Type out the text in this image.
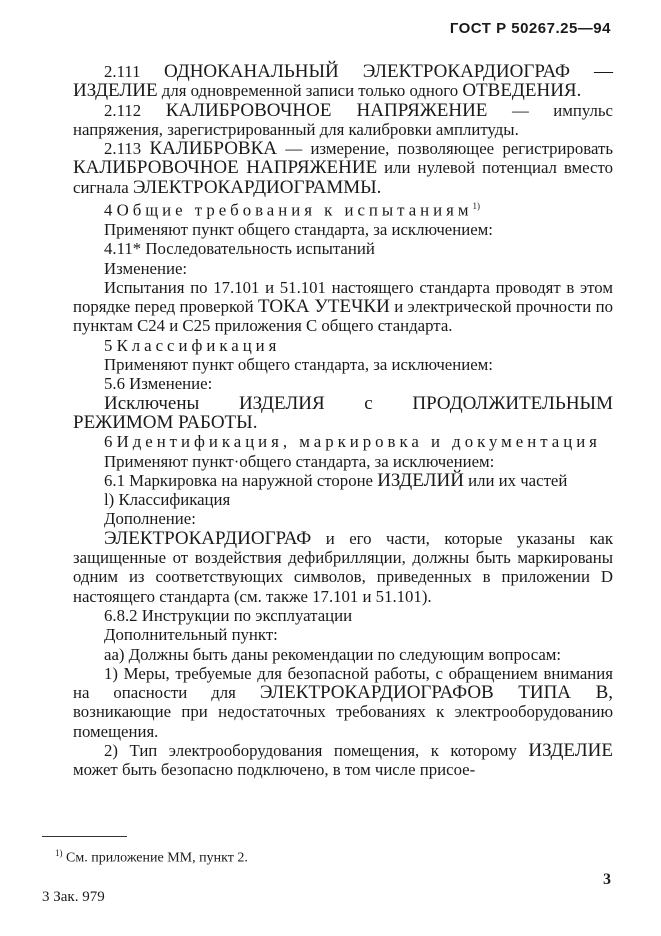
ГОСТ Р 50267.25—94

2.111 ОДНОКАНАЛЬНЫЙ ЭЛЕКТРОКАРДИОГРАФ — ИЗДЕЛИЕ для одновременной записи только одного ОТВЕДЕНИЯ.

2.112 КАЛИБРОВОЧНОЕ НАПРЯЖЕНИЕ — импульс напряжения, зарегистрированный для калибровки амплитуды.

2.113 КАЛИБРОВКА — измерение, позволяющее регистрировать КАЛИБРОВОЧНОЕ НАПРЯЖЕНИЕ или нулевой потенциал вместо сигнала ЭЛЕКТРОКАРДИОГРАММЫ.

4 Общие требования к испытаниям$^{1)}$

Применяют пункт общего стандарта, за исключением:

4.11* Последовательность испытаний

Изменение:

Испытания по 17.101 и 51.101 настоящего стандарта проводят в этом порядке перед проверкой ТОКА УТЕЧКИ и электрической прочности по пунктам С24 и С25 приложения С общего стандарта.

5 Классификация

Применяют пункт общего стандарта, за исключением:

5.6 Изменение:

Исключены ИЗДЕЛИЯ с ПРОДОЛЖИТЕЛЬНЫМ РЕЖИМОМ РАБОТЫ.

6 Идентификация, маркировка и документация

Применяют пункт·общего стандарта, за исключением:

6.1 Маркировка на наружной стороне ИЗДЕЛИЙ или их частей

l) Классификация

Дополнение:

ЭЛЕКТРОКАРДИОГРАФ и его части, которые указаны как защищенные от воздействия дефибрилляции, должны быть маркированы одним из соответствующих символов, приведенных в приложении D настоящего стандарта (см. также 17.101 и 51.101).

6.8.2 Инструкции по эксплуатации

Дополнительный пункт:

аа) Должны быть даны рекомендации по следующим вопросам:

1) Меры, требуемые для безопасной работы, с обращением внимания на опасности для ЭЛЕКТРОКАРДИОГРАФОВ ТИПА В, возникающие при недостаточных требованиях к электрооборудованию помещения.

2) Тип электрооборудования помещения, к которому ИЗДЕЛИЕ может быть безопасно подключено, в том числе присое-

$^{1)}$ См. приложение ММ, пункт 2.
3 Зак. 979
3
